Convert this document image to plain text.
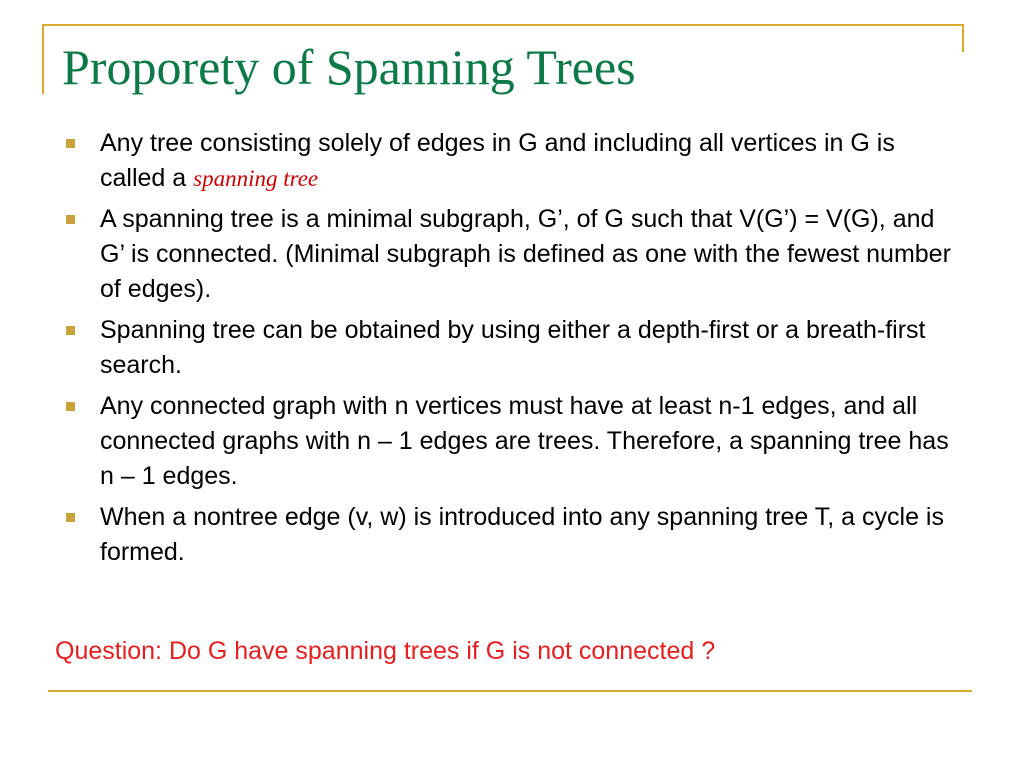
Proporety of Spanning Trees
Any tree consisting solely of edges in G and including all vertices in G is called a spanning tree
A spanning tree is a minimal subgraph, G’, of G such that V(G’) = V(G), and G’ is connected. (Minimal subgraph is defined as one with the fewest number of edges).
Spanning tree can be obtained by using either a depth-first or a breath-first search.
Any connected graph with n vertices must have at least n-1 edges, and all connected graphs with n – 1 edges are trees. Therefore, a spanning tree has n – 1 edges.
When a nontree edge (v, w) is introduced into any spanning tree T, a cycle is formed.

Question: Do G have spanning trees if G is not connected ?
